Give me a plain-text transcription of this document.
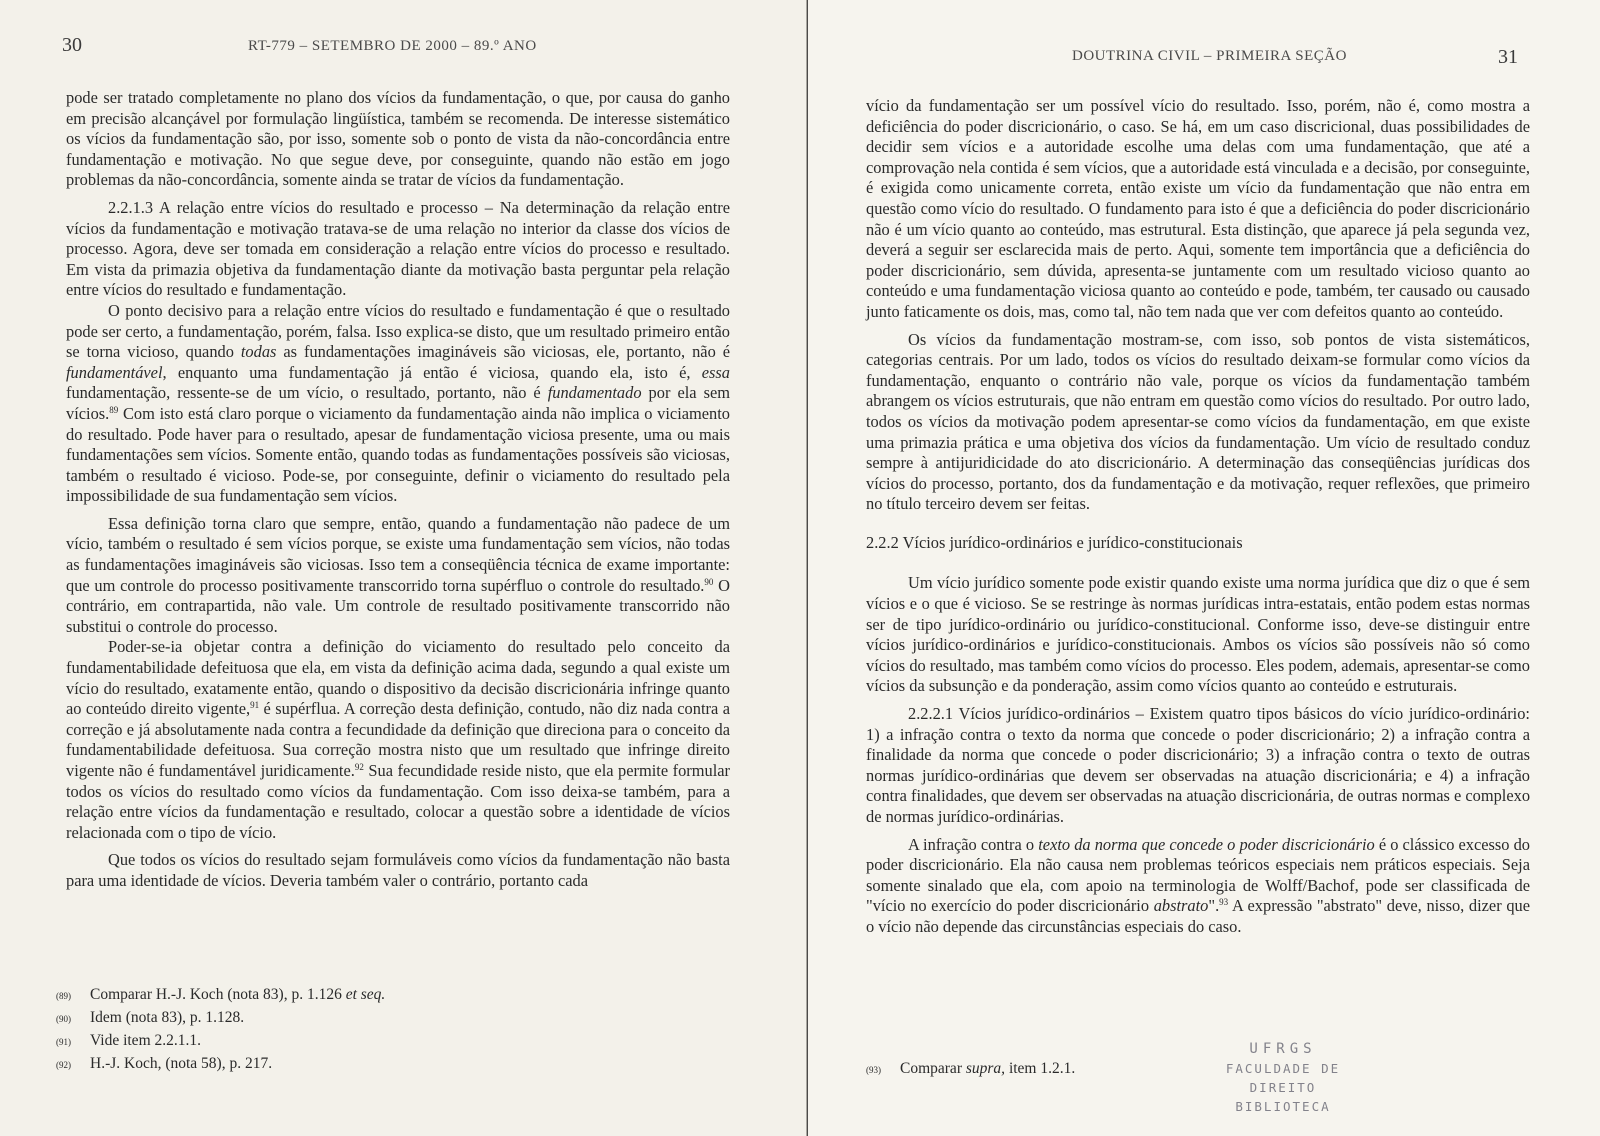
30	RT-779 – SETEMBRO DE 2000 – 89.º ANO

pode ser tratado completamente no plano dos vícios da fundamentação, o que, por causa do ganho em precisão alcançável por formulação lingüística, também se recomenda. De interesse sistemático os vícios da fundamentação são, por isso, somente sob o ponto de vista da não-concordância entre fundamentação e motivação. No que segue deve, por conseguinte, quando não estão em jogo problemas da não-concordância, somente ainda se tratar de vícios da fundamentação.

2.2.1.3 A relação entre vícios do resultado e processo – Na determinação da relação entre vícios da fundamentação e motivação tratava-se de uma relação no interior da classe dos vícios de processo. Agora, deve ser tomada em consideração a relação entre vícios do processo e resultado. Em vista da primazia objetiva da fundamentação diante da motivação basta perguntar pela relação entre vícios do resultado e fundamentação.

O ponto decisivo para a relação entre vícios do resultado e fundamentação é que o resultado pode ser certo, a fundamentação, porém, falsa. Isso explica-se disto, que um resultado primeiro então se torna vicioso, quando todas as fundamentações imagináveis são viciosas, ele, portanto, não é fundamentável, enquanto uma fundamentação já então é viciosa, quando ela, isto é, essa fundamentação, ressente-se de um vício, o resultado, portanto, não é fundamentado por ela sem vícios.$^{89}$ Com isto está claro porque o viciamento da fundamentação ainda não implica o viciamento do resultado. Pode haver para o resultado, apesar de fundamentação viciosa presente, uma ou mais fundamentações sem vícios. Somente então, quando todas as fundamentações possíveis são viciosas, também o resultado é vicioso. Pode-se, por conseguinte, definir o viciamento do resultado pela impossibilidade de sua fundamentação sem vícios.

Essa definição torna claro que sempre, então, quando a fundamentação não padece de um vício, também o resultado é sem vícios porque, se existe uma fundamentação sem vícios, não todas as fundamentações imagináveis são viciosas. Isso tem a conseqüência técnica de exame importante: que um controle do processo positivamente transcorrido torna supérfluo o controle do resultado.$^{90}$ O contrário, em contrapartida, não vale. Um controle de resultado positivamente transcorrido não substitui o controle do processo.

Poder-se-ia objetar contra a definição do viciamento do resultado pelo conceito da fundamentabilidade defeituosa que ela, em vista da definição acima dada, segundo a qual existe um vício do resultado, exatamente então, quando o dispositivo da decisão discricionária infringe quanto ao conteúdo direito vigente,$^{91}$ é supérflua. A correção desta definição, contudo, não diz nada contra a correção e já absolutamente nada contra a fecundidade da definição que direciona para o conceito da fundamentabilidade defeituosa. Sua correção mostra nisto que um resultado que infringe direito vigente não é fundamentável juridicamente.$^{92}$ Sua fecundidade reside nisto, que ela permite formular todos os vícios do resultado como vícios da fundamentação. Com isso deixa-se também, para a relação entre vícios da fundamentação e resultado, colocar a questão sobre a identidade de vícios relacionada com o tipo de vício.

Que todos os vícios do resultado sejam formuláveis como vícios da fundamentação não basta para uma identidade de vícios. Deveria também valer o contrário, portanto cada

(89)	Comparar H.-J. Koch (nota 83), p. 1.126 et seq.
(90)	Idem (nota 83), p. 1.128.
(91)	Vide item 2.2.1.1.
(92)	H.-J. Koch, (nota 58), p. 217.
DOUTRINA CIVIL – PRIMEIRA SEÇÃO	31

vício da fundamentação ser um possível vício do resultado. Isso, porém, não é, como mostra a deficiência do poder discricionário, o caso. Se há, em um caso discricional, duas possibilidades de decidir sem vícios e a autoridade escolhe uma delas com uma fundamentação, que até a comprovação nela contida é sem vícios, que a autoridade está vinculada e a decisão, por conseguinte, é exigida como unicamente correta, então existe um vício da fundamentação que não entra em questão como vício do resultado. O fundamento para isto é que a deficiência do poder discricionário não é um vício quanto ao conteúdo, mas estrutural. Esta distinção, que aparece já pela segunda vez, deverá a seguir ser esclarecida mais de perto. Aqui, somente tem importância que a deficiência do poder discricionário, sem dúvida, apresenta-se juntamente com um resultado vicioso quanto ao conteúdo e uma fundamentação viciosa quanto ao conteúdo e pode, também, ter causado ou causado junto faticamente os dois, mas, como tal, não tem nada que ver com defeitos quanto ao conteúdo.

Os vícios da fundamentação mostram-se, com isso, sob pontos de vista sistemáticos, categorias centrais. Por um lado, todos os vícios do resultado deixam-se formular como vícios da fundamentação, enquanto o contrário não vale, porque os vícios da fundamentação também abrangem os vícios estruturais, que não entram em questão como vícios do resultado. Por outro lado, todos os vícios da motivação podem apresentar-se como vícios da fundamentação, em que existe uma primazia prática e uma objetiva dos vícios da fundamentação. Um vício de resultado conduz sempre à antijuridicidade do ato discricionário. A determinação das conseqüências jurídicas dos vícios do processo, portanto, dos da fundamentação e da motivação, requer reflexões, que primeiro no título terceiro devem ser feitas.

2.2.2 Vícios jurídico-ordinários e jurídico-constitucionais

Um vício jurídico somente pode existir quando existe uma norma jurídica que diz o que é sem vícios e o que é vicioso. Se se restringe às normas jurídicas intra-estatais, então podem estas normas ser de tipo jurídico-ordinário ou jurídico-constitucional. Conforme isso, deve-se distinguir entre vícios jurídico-ordinários e jurídico-constitucionais. Ambos os vícios são possíveis não só como vícios do resultado, mas também como vícios do processo. Eles podem, ademais, apresentar-se como vícios da subsunção e da ponderação, assim como vícios quanto ao conteúdo e estruturais.

2.2.2.1 Vícios jurídico-ordinários – Existem quatro tipos básicos do vício jurídico-ordinário: 1) a infração contra o texto da norma que concede o poder discricionário; 2) a infração contra a finalidade da norma que concede o poder discricionário; 3) a infração contra o texto de outras normas jurídico-ordinárias que devem ser observadas na atuação discricionária; e 4) a infração contra finalidades, que devem ser observadas na atuação discricionária, de outras normas e complexo de normas jurídico-ordinárias.

A infração contra o texto da norma que concede o poder discricionário é o clássico excesso do poder discricionário. Ela não causa nem problemas teóricos especiais nem práticos especiais. Seja somente sinalado que ela, com apoio na terminologia de Wolff/Bachof, pode ser classificada de "vício no exercício do poder discricionário abstrato".$^{93}$ A expressão "abstrato" deve, nisso, dizer que o vício não depende das circunstâncias especiais do caso.

(93)	Comparar supra, item 1.2.1.
UFRGS
FACULDADE DE DIREITO
BIBLIOTECA
